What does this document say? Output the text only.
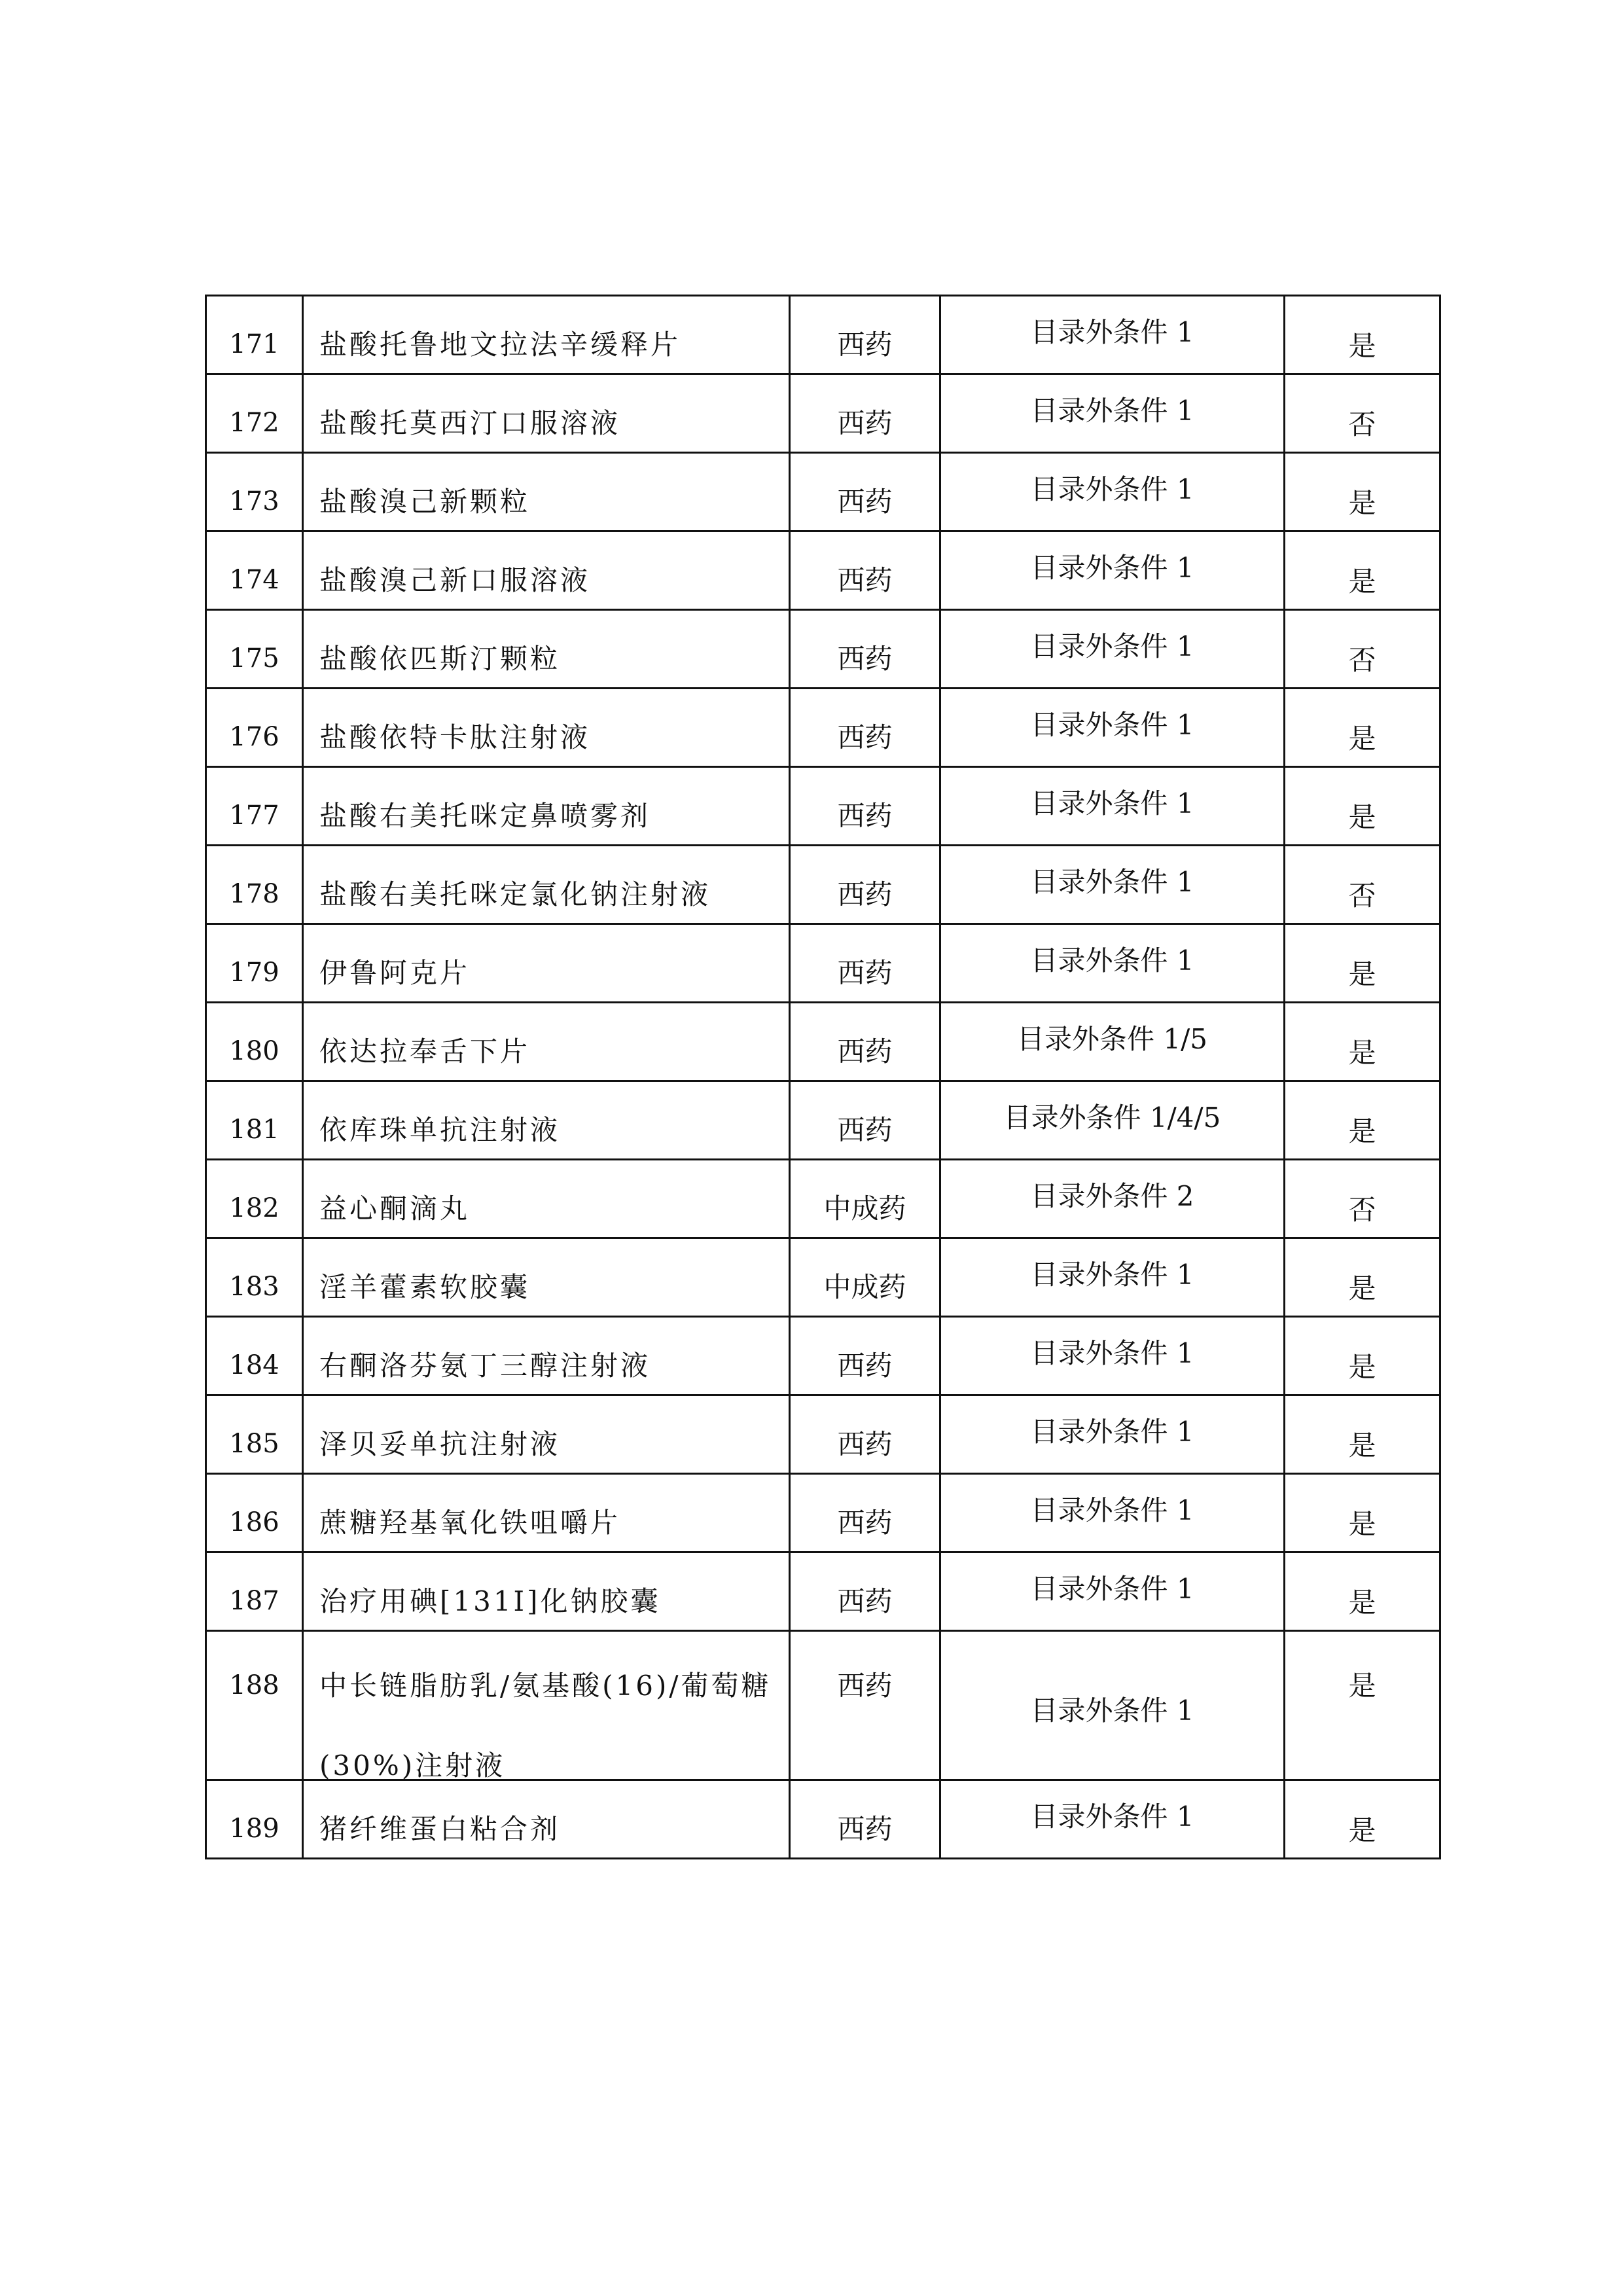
171	盐酸托鲁地文拉法辛缓释片	西药	目录外条件 1	是

172	盐酸托莫西汀口服溶液	西药	目录外条件 1	否

173	盐酸溴己新颗粒	西药	目录外条件 1	是

174	盐酸溴己新口服溶液	西药	目录外条件 1	是

175	盐酸依匹斯汀颗粒	西药	目录外条件 1	否

176	盐酸依特卡肽注射液	西药	目录外条件 1	是

177	盐酸右美托咪定鼻喷雾剂	西药	目录外条件 1	是

178	盐酸右美托咪定氯化钠注射液	西药	目录外条件 1	否

179	伊鲁阿克片	西药	目录外条件 1	是

180	依达拉奉舌下片	西药	目录外条件 1/5	是

181	依库珠单抗注射液	西药	目录外条件 1/4/5	是

182	益心酮滴丸	中成药	目录外条件 2	否

183	淫羊藿素软胶囊	中成药	目录外条件 1	是

184	右酮洛芬氨丁三醇注射液	西药	目录外条件 1	是

185	泽贝妥单抗注射液	西药	目录外条件 1	是

186	蔗糖羟基氧化铁咀嚼片	西药	目录外条件 1	是

187	治疗用碘[131I]化钠胶囊	西药	目录外条件 1	是

188	中长链脂肪乳/氨基酸(16)/葡萄糖
(30%)注射液	西药	目录外条件 1	是

189	猪纤维蛋白粘合剂	西药	目录外条件 1	是
